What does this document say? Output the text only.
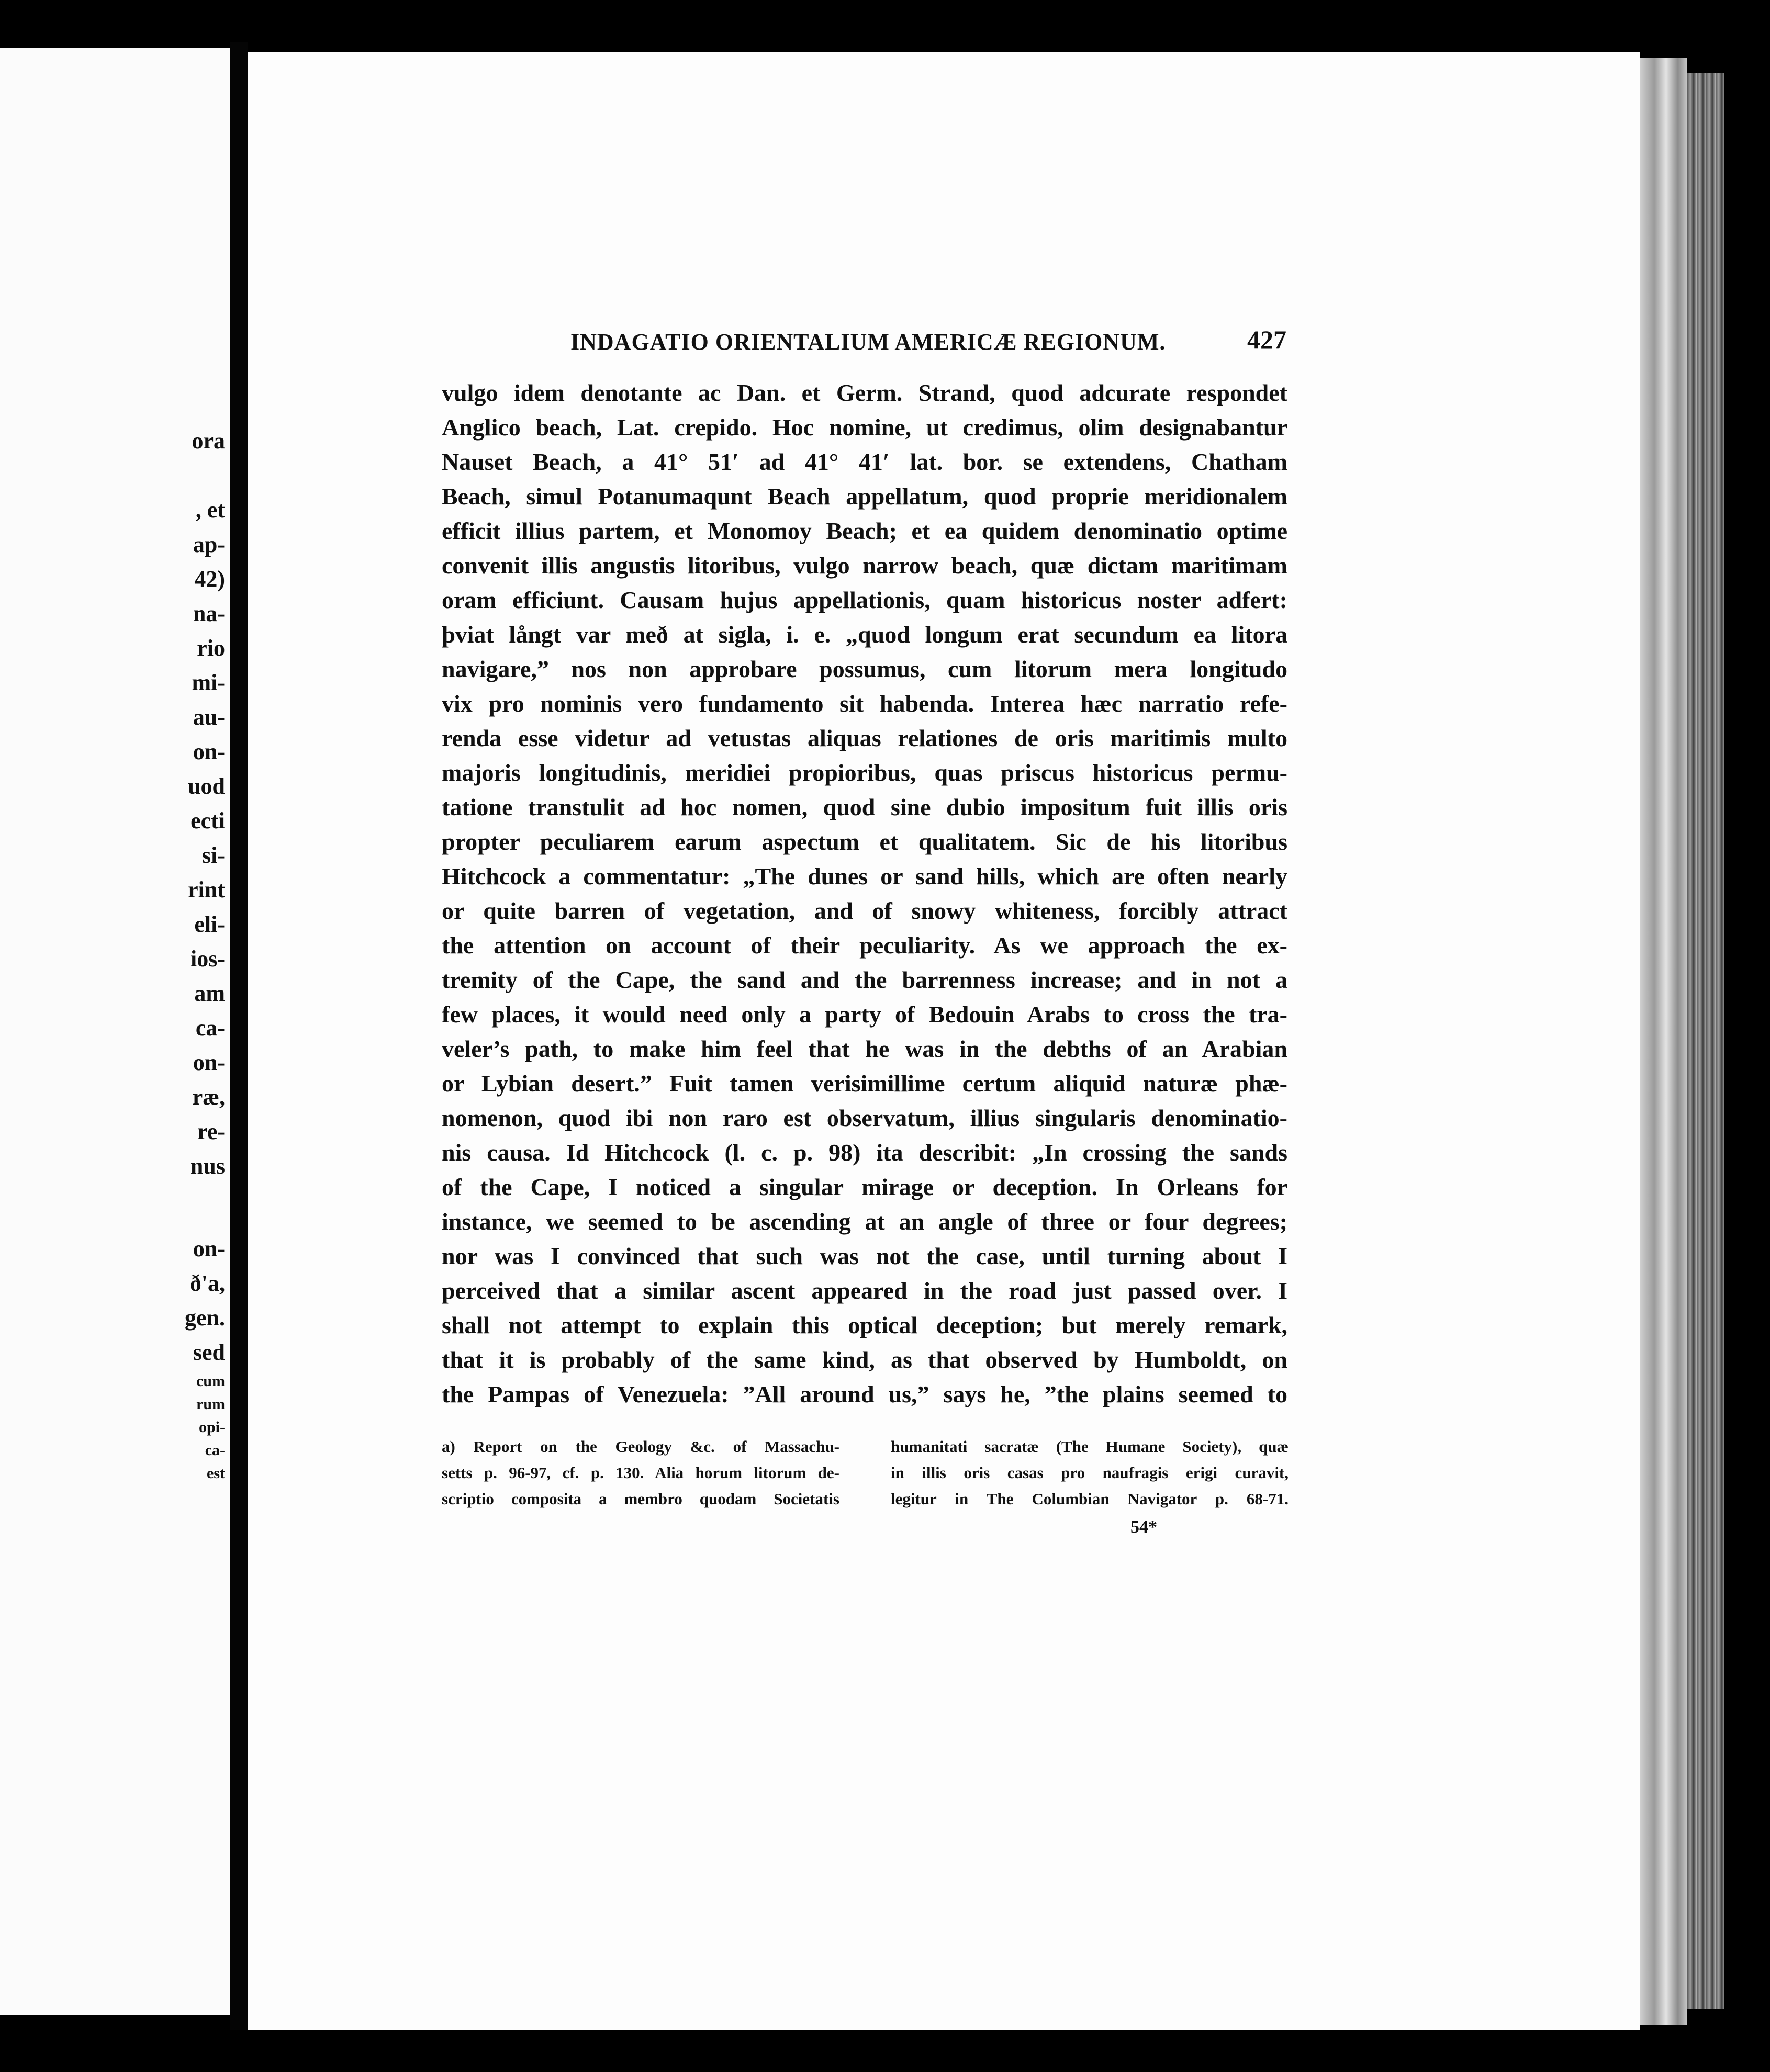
ora
, et
ap-
42)
na-
rio
mi-
au-
on-
uod
ecti
si-
rint
eli-
ios-
am
ca-
on-
ræ,
re-
nus
on-
ð'a,
gen.
sed
cum
rum
opi-
ca-
est
INDAGATIO ORIENTALIUM AMERICÆ REGIONUM.	427
vulgo idem denotante ac Dan. et Germ. Strand, quod adcurate respondet
Anglico beach, Lat. crepido. Hoc nomine, ut credimus, olim designabantur
Nauset Beach, a 41° 51′ ad 41° 41′ lat. bor. se extendens, Chatham
Beach, simul Potanumaqunt Beach appellatum, quod proprie meridionalem
efficit illius partem, et Monomoy Beach; et ea quidem denominatio optime
convenit illis angustis litoribus, vulgo narrow beach, quæ dictam maritimam
oram efficiunt. Causam hujus appellationis, quam historicus noster adfert:
þviat långt var með at sigla, i. e. „quod longum erat secundum ea litora
navigare,” nos non approbare possumus, cum litorum mera longitudo
vix pro nominis vero fundamento sit habenda. Interea hæc narratio refe-
renda esse videtur ad vetustas aliquas relationes de oris maritimis multo
majoris longitudinis, meridiei propioribus, quas priscus historicus permu-
tatione transtulit ad hoc nomen, quod sine dubio impositum fuit illis oris
propter peculiarem earum aspectum et qualitatem. Sic de his litoribus
Hitchcock a commentatur: „The dunes or sand hills, which are often nearly
or quite barren of vegetation, and of snowy whiteness, forcibly attract
the attention on account of their peculiarity. As we approach the ex-
tremity of the Cape, the sand and the barrenness increase; and in not a
few places, it would need only a party of Bedouin Arabs to cross the tra-
veler’s path, to make him feel that he was in the debths of an Arabian
or Lybian desert.” Fuit tamen verisimillime certum aliquid naturæ phæ-
nomenon, quod ibi non raro est observatum, illius singularis denominatio-
nis causa. Id Hitchcock (l. c. p. 98) ita describit: „In crossing the sands
of the Cape, I noticed a singular mirage or deception. In Orleans for
instance, we seemed to be ascending at an angle of three or four degrees;
nor was I convinced that such was not the case, until turning about I
perceived that a similar ascent appeared in the road just passed over. I
shall not attempt to explain this optical deception; but merely remark,
that it is probably of the same kind, as that observed by Humboldt, on
the Pampas of Venezuela: ”All around us,” says he, ”the plains seemed to
a) Report on the Geology &c. of Massachu-
setts p. 96-97, cf. p. 130. Alia horum litorum de-
scriptio composita a membro quodam Societatis
humanitati sacratæ (The Humane Society), quæ
in illis oris casas pro naufragis erigi curavit,
legitur in The Columbian Navigator p. 68-71.
54*
